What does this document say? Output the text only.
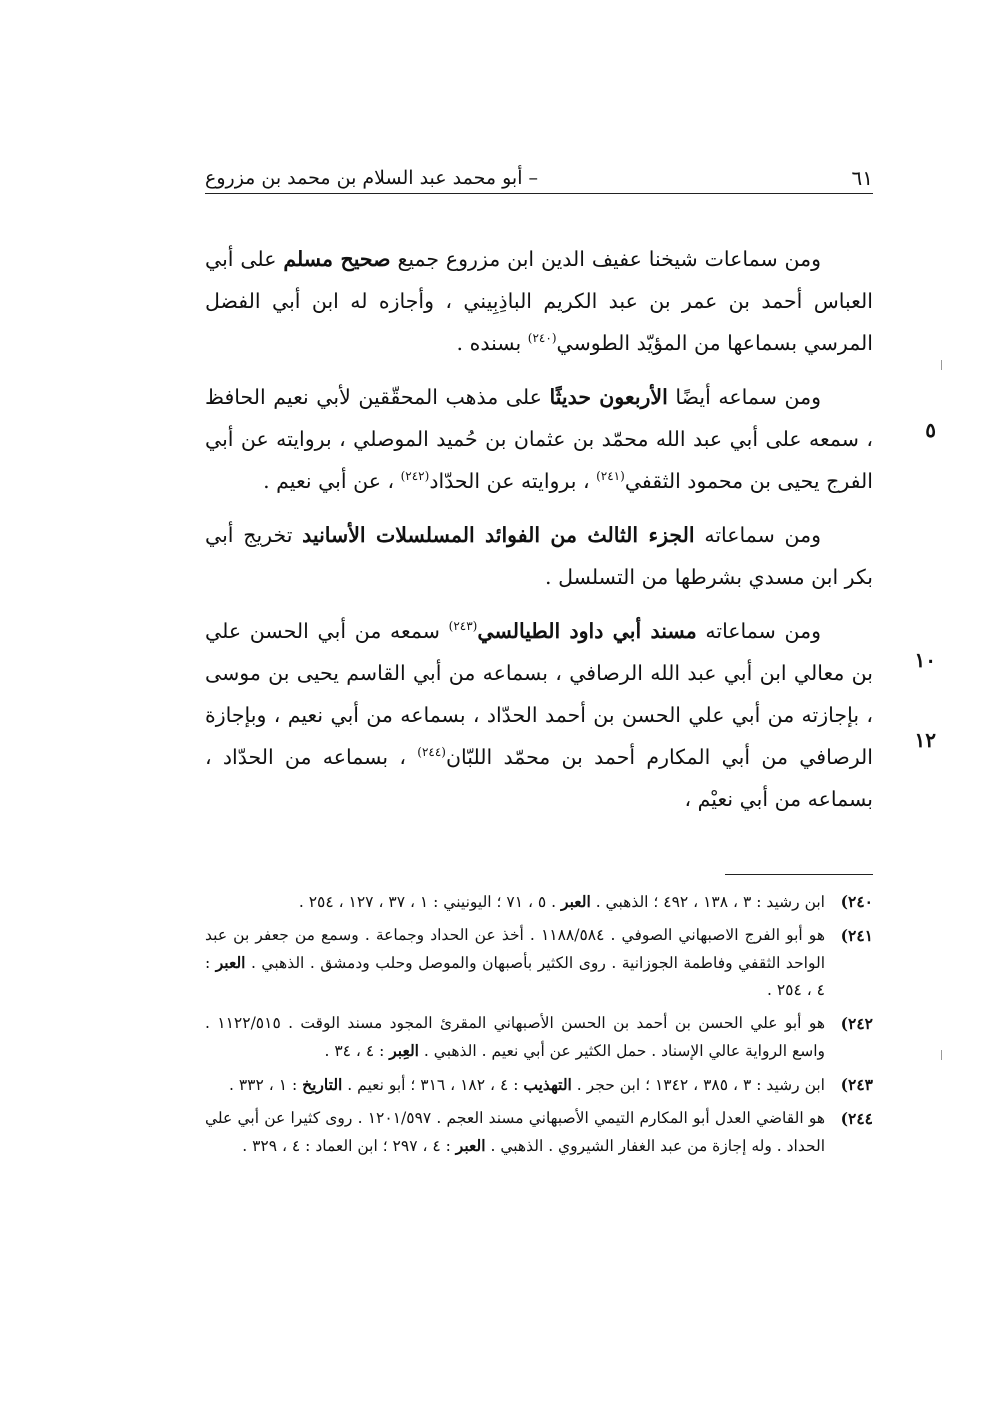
– أبو محمد عبد السلام بن محمد بن مزروع	٦١

ومن سماعات شيخنا عفيف الدين ابن مزروع جميع صحيح مسلم على أبي العباس أحمد بن عمر بن عبد الكريم الباذِبِيني ، وأجازه له ابن أبي الفضل المرسي بسماعها من المؤيّد الطوسي$^{(٢٤٠)}$ بسنده .

ومن سماعه أيضًا الأربعون حديثًا على مذهب المحقّقين لأبي نعيم الحافظ ، سمعه على أبي عبد الله محمّد بن عثمان بن حُميد الموصلي ، بروايته عن أبي الفرج يحيى بن محمود الثقفي$^{(٢٤١)}$ ، بروايته عن الحدّاد$^{(٢٤٢)}$ ، عن أبي نعيم .

ومن سماعاته الجزء الثالث من الفوائد المسلسلات الأسانيد تخريج أبي بكر ابن مسدي بشرطها من التسلسل .

ومن سماعاته مسند أبي داود الطيالسي$^{(٢٤٣)}$ سمعه من أبي الحسن علي بن معالي ابن أبي عبد الله الرصافي ، بسماعه من أبي القاسم يحيى بن موسى ، بإجازته من أبي علي الحسن بن أحمد الحدّاد ، بسماعه من أبي نعيم ، وبإجازة الرصافي من أبي المكارم أحمد بن محمّد اللبّان$^{(٢٤٤)}$ ، بسماعه من الحدّاد ، بسماعه من أبي نعيْم ،

٥
١٠
١٢
٢٤٠)
ابن رشيد : ٣ ، ١٣٨ ، ٤٩٢ ؛ الذهبي . العبر . ٥ ، ٧١ ؛ اليونيني : ١ ، ٣٧ ، ١٢٧ ، ٢٥٤ .
٢٤١)
هو أبو الفرج الاصبهاني الصوفي . ١١٨٨/٥٨٤ . أخذ عن الحداد وجماعة . وسمع من جعفر بن عبد الواحد الثقفي وفاطمة الجوزانية . روى الكثير بأصبهان والموصل وحلب ودمشق . الذهبي . العبر : ٤ ، ٢٥٤ .
٢٤٢)
هو أبو علي الحسن بن أحمد بن الحسن الأصبهاني المقرئ المجود مسند الوقت . ١١٢٢/٥١٥ . واسع الرواية عالي الإسناد . حمل الكثير عن أبي نعيم . الذهبي . العِبر : ٤ ، ٣٤ .
٢٤٣)
ابن رشيد : ٣ ، ٣٨٥ ، ١٣٤٢ ؛ ابن حجر . التهذيب : ٤ ، ١٨٢ ، ٣١٦ ؛ أبو نعيم . التاريخ : ١ ، ٣٣٢ .
٢٤٤)
هو القاضي العدل أبو المكارم التيمي الأصبهاني مسند العجم . ١٢٠١/٥٩٧ . روى كثيرا عن أبي علي الحداد . وله إجازة من عبد الغفار الشيروي . الذهبي . العبر : ٤ ، ٢٩٧ ؛ ابن العماد : ٤ ، ٣٢٩ .
